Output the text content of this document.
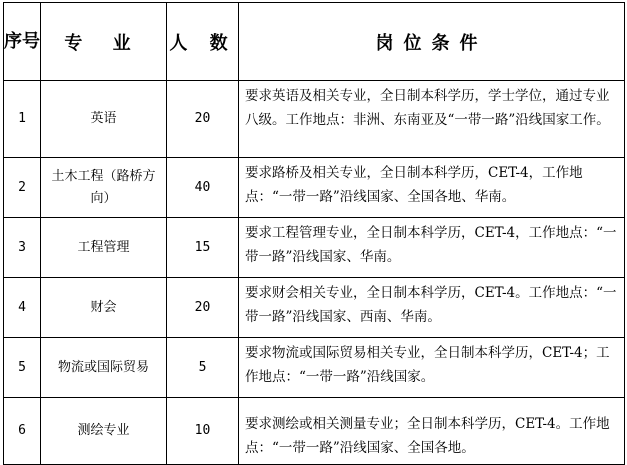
序号	专 业	人 数	岗位条件
1	英语	20	要求英语及相关专业，全日制本科学历，学士学位，通过专业八级。工作地点：非洲、东南亚及“一带一路”沿线国家工作。
2	土木工程（路桥方向）	40	要求路桥及相关专业，全日制本科学历，CET-4，工作地点：“一带一路”沿线国家、全国各地、华南。
3	工程管理	15	要求工程管理专业，全日制本科学历，CET-4，工作地点：“一带一路”沿线国家、华南。
4	财会	20	要求财会相关专业，全日制本科学历，CET-4。工作地点：“一带一路”沿线国家、西南、华南。
5	物流或国际贸易	5	要求物流或国际贸易相关专业，全日制本科学历，CET-4；工作地点：“一带一路”沿线国家。
6	测绘专业	10	要求测绘或相关测量专业；全日制本科学历，CET-4。工作地点：“一带一路”沿线国家、全国各地。
